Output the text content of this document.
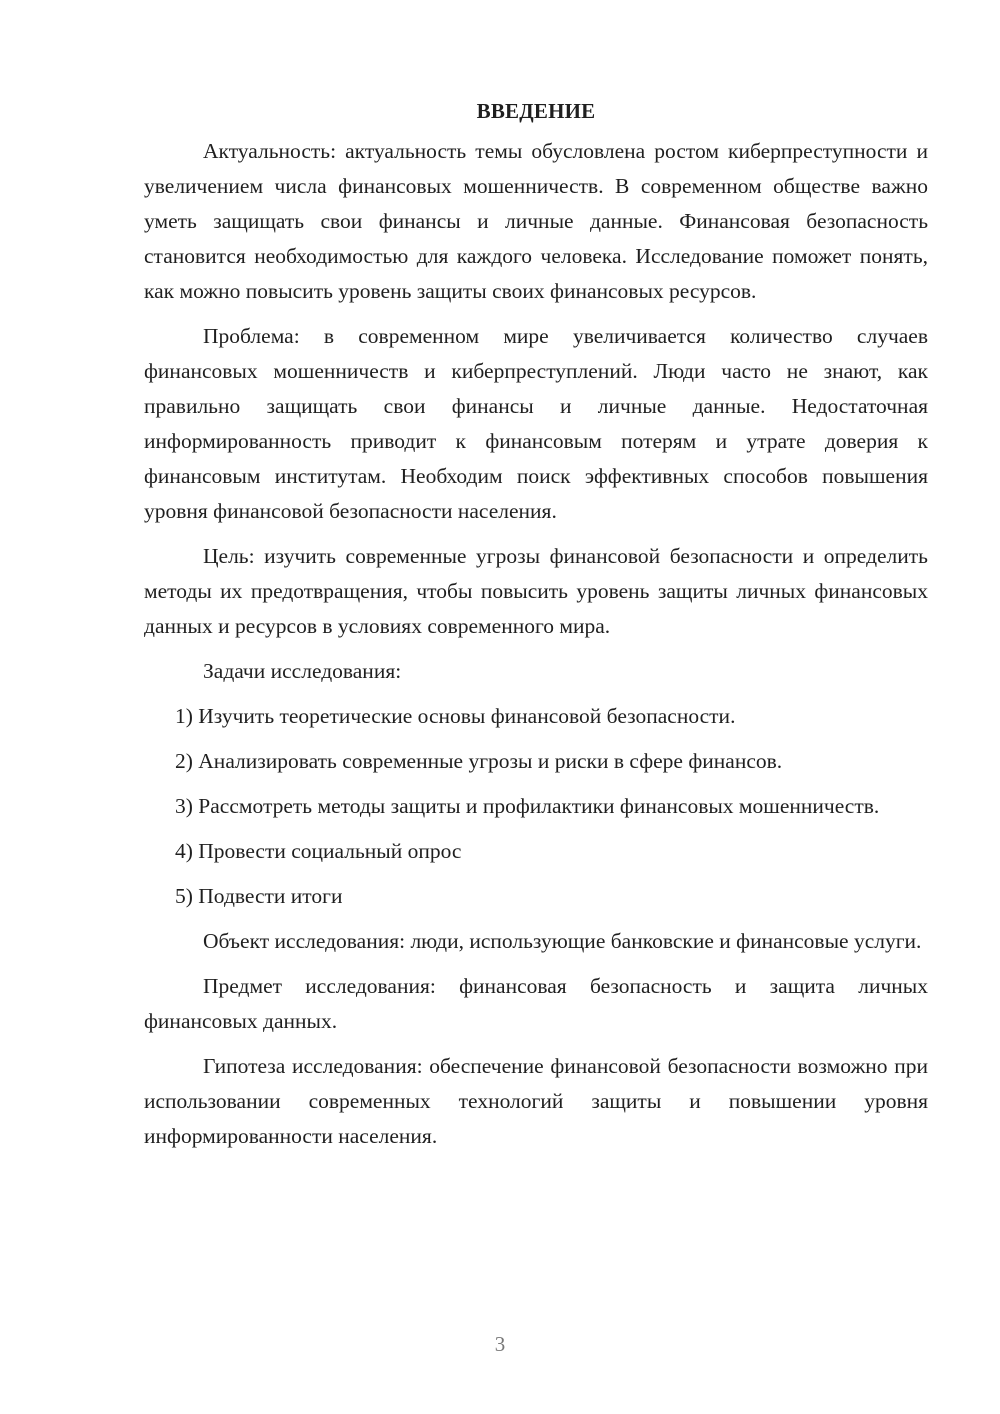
ВВЕДЕНИЕ

Актуальность: актуальность темы обусловлена ростом киберпреступности и увеличением числа финансовых мошенничеств. В современном обществе важно уметь защищать свои финансы и личные данные. Финансовая безопасность становится необходимостью для каждого человека. Исследование поможет понять, как можно повысить уровень защиты своих финансовых ресурсов.

Проблема: в современном мире увеличивается количество случаев финансовых мошенничеств и киберпреступлений. Люди часто не знают, как правильно защищать свои финансы и личные данные. Недостаточная информированность приводит к финансовым потерям и утрате доверия к финансовым институтам. Необходим поиск эффективных способов повышения уровня финансовой безопасности населения.

Цель: изучить современные угрозы финансовой безопасности и определить методы их предотвращения, чтобы повысить уровень защиты личных финансовых данных и ресурсов в условиях современного мира.

Задачи исследования:

1) Изучить теоретические основы финансовой безопасности.

2) Анализировать современные угрозы и риски в сфере финансов.

3) Рассмотреть методы защиты и профилактики финансовых мошенничеств.

4) Провести социальный опрос

5) Подвести итоги

Объект исследования: люди, использующие банковские и финансовые услуги.

Предмет исследования: финансовая безопасность и защита личных финансовых данных.

Гипотеза исследования: обеспечение финансовой безопасности возможно при использовании современных технологий защиты и повышении уровня информированности населения.

3
